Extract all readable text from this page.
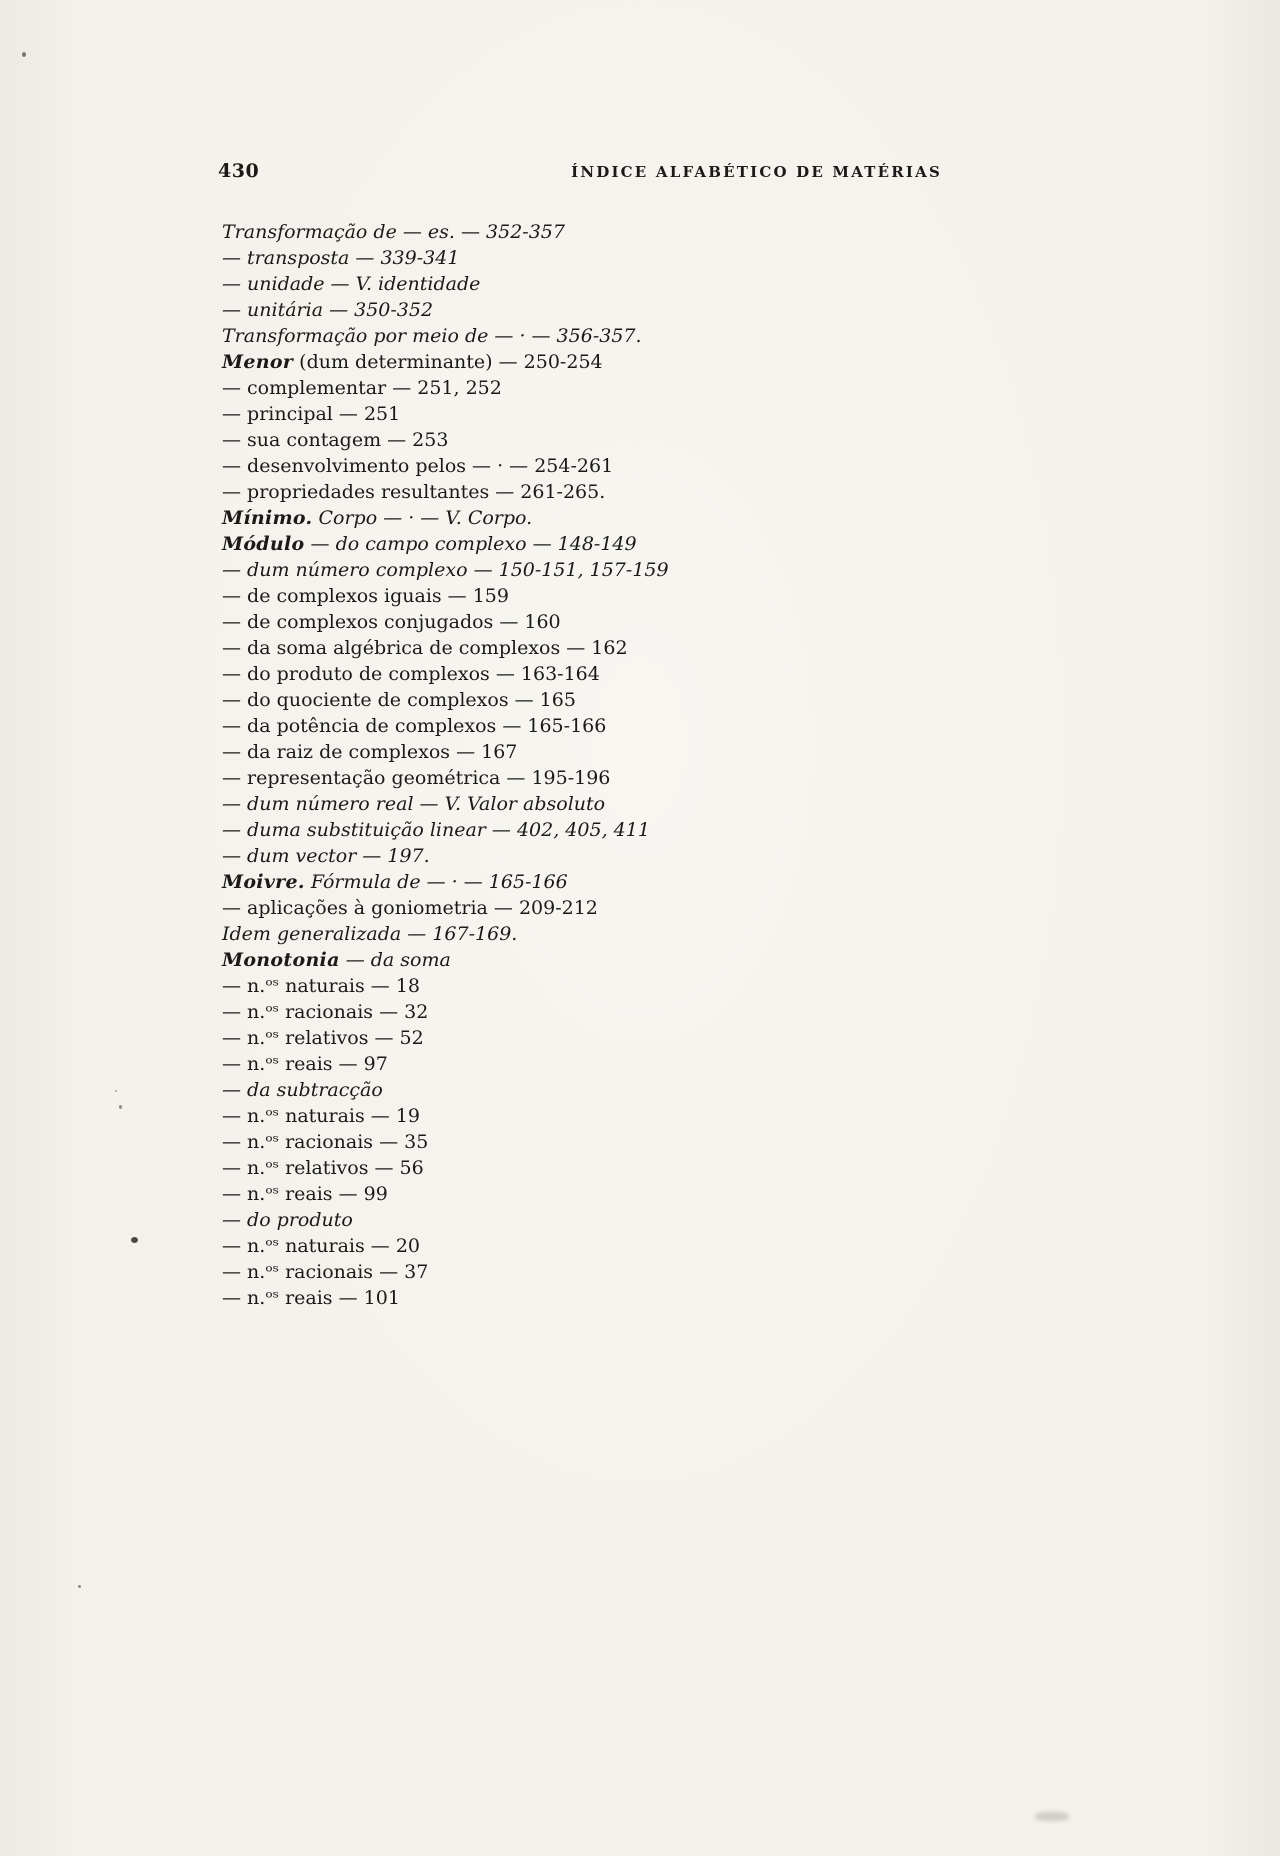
430	ÍNDICE ALFABÉTICO DE MATÉRIAS

Transformação de — es. — 352-357

— transposta — 339-341

— unidade — V. identidade

— unitária — 350-352

Transformação por meio de — · — 356-357.

Menor (dum determinante) — 250-254

— complementar — 251, 252

— principal — 251

— sua contagem — 253

— desenvolvimento pelos — · — 254-261

— propriedades resultantes — 261-265.

Mínimo. Corpo — · — V. Corpo.

Módulo — do campo complexo — 148-149

— dum número complexo — 150-151, 157-159

— de complexos iguais — 159

— de complexos conjugados — 160

— da soma algébrica de complexos — 162

— do produto de complexos — 163-164

— do quociente de complexos — 165

— da potência de complexos — 165-166

— da raiz de complexos — 167

— representação geométrica — 195-196

— dum número real — V. Valor absoluto

— duma substituição linear — 402, 405, 411

— dum vector — 197.

Moivre. Fórmula de — · — 165-166

— aplicações à goniometria — 209-212

Idem generalizada — 167-169.

Monotonia — da soma

— n.ᵒˢ naturais — 18

— n.ᵒˢ racionais — 32

— n.ᵒˢ relativos — 52

— n.ᵒˢ reais — 97

— da subtracção

— n.ᵒˢ naturais — 19

— n.ᵒˢ racionais — 35

— n.ᵒˢ relativos — 56

— n.ᵒˢ reais — 99

— do produto

— n.ᵒˢ naturais — 20

— n.ᵒˢ racionais — 37

— n.ᵒˢ reais — 101
